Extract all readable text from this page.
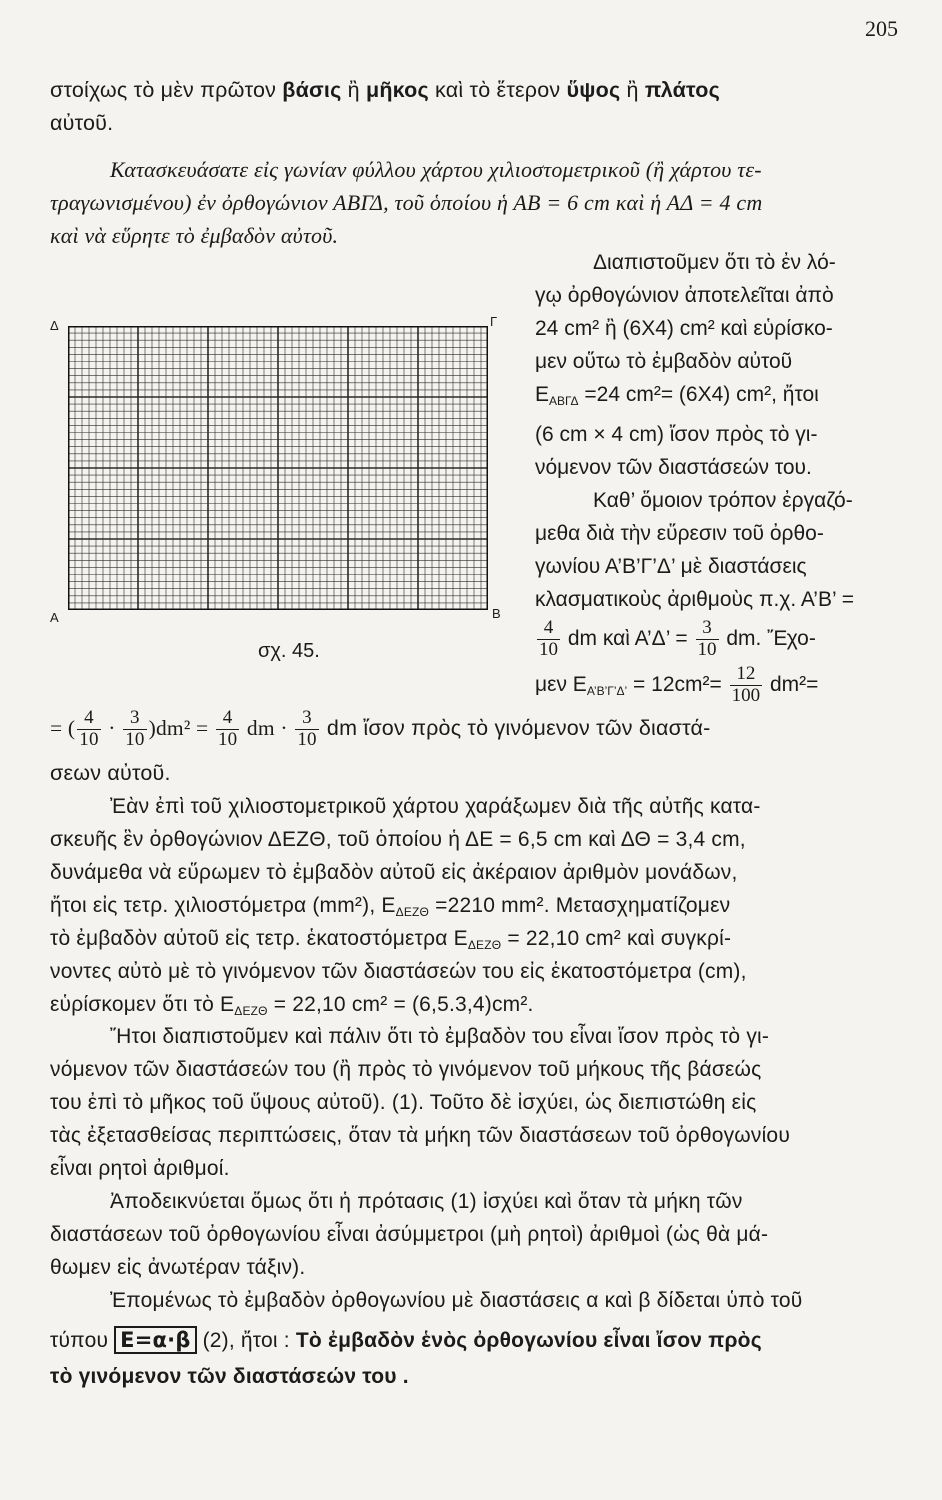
205
στοίχως τὸ μὲν πρῶτον βάσις ἢ μῆκος καὶ τὸ ἕτερον ὕψος ἢ πλάτος
αὐτοῦ.
Κατασκευάσατε εἰς γωνίαν φύλλου χάρτου χιλιοστομετρικοῦ (ἢ χάρτου τε-
τραγωνισμένου) ἐν ὀρθογώνιον ΑΒΓΔ, τοῦ ὁποίου ἡ ΑΒ = 6 cm καὶ ἡ ΑΔ = 4 cm
καὶ νὰ εὕρητε τὸ ἐμβαδὸν αὐτοῦ.
Δ	Γ
Α	Β
σχ. 45.
Διαπιστοῦμεν ὅτι τὸ ἐν λό-
γῳ ὀρθογώνιον ἀποτελεῖται ἀπὸ
24 cm² ἢ (6X4) cm² καὶ εὑρίσκο-
μεν οὕτω τὸ ἐμβαδὸν αὐτοῦ
$E_{AB\Gamma\Delta} =24$ cm²= (6X4) cm², ἤτοι
(6 cm × 4 cm) ἴσον πρὸς τὸ γι-
νόμενον τῶν διαστάσεών του.
Καθ’ ὅμοιον τρόπον ἐργαζό-
μεθα διὰ τὴν εὕρεσιν τοῦ ὀρθο-
γωνίου Α’Β’Γ’Δ’ μὲ διαστάσεις
κλασματικοὺς ἀριθμοὺς π.χ. Α’Β’ =
$\frac{4}{10}$ dm καὶ Α’Δ’ = $\frac{3}{10}$ dm. Ἔχο-
μεν $E_{A’B’\Gamma’\Delta’} = 12cm^2= \frac{12}{100} dm^2=$
= ( $\frac{4}{10} \cdot \frac{3}{10} )dm^2 = \frac{4}{10}$ dm · $\frac{3}{10}$ dm ἴσον πρὸς τὸ γινόμενον τῶν διαστά-
σεων αὐτοῦ.
Ἐὰν ἐπὶ τοῦ χιλιοστομετρικοῦ χάρτου χαράξωμεν διὰ τῆς αὐτῆς κατα-
σκευῆς ἓν ὀρθογώνιον ΔΕΖΘ, τοῦ ὁποίου ἡ ΔΕ = 6,5 cm καὶ ΔΘ = 3,4 cm,
δυνάμεθα νὰ εὕρωμεν τὸ ἐμβαδὸν αὐτοῦ εἰς ἀκέραιον ἀριθμὸν μονάδων,
ἤτοι εἰς τετρ. χιλιοστόμετρα (mm²), $E_{\Delta EZ\Theta} =2210$ mm². Μετασχηματίζομεν
τὸ ἐμβαδὸν αὐτοῦ εἰς τετρ. ἑκατοστόμετρα $E_{\Delta EZ\Theta} = 22,10$ cm² καὶ συγκρί-
νοντες αὐτὸ μὲ τὸ γινόμενον τῶν διαστάσεών του εἰς ἑκατοστόμετρα (cm),
εὑρίσκομεν ὅτι τὸ $E_{\Delta EZ\Theta} = 22,10$ cm² = (6,5.3,4)cm².
Ἤτοι διαπιστοῦμεν καὶ πάλιν ὅτι τὸ ἐμβαδὸν του εἶναι ἴσον πρὸς τὸ γι-
νόμενον τῶν διαστάσεών του (ἢ πρὸς τὸ γινόμενον τοῦ μήκους τῆς βάσεώς
του ἐπὶ τὸ μῆκος τοῦ ὕψους αὐτοῦ). (1). Τοῦτο δὲ ἰσχύει, ὡς διεπιστώθη εἰς
τὰς ἐξετασθείσας περιπτώσεις, ὅταν τὰ μήκη τῶν διαστάσεων τοῦ ὀρθογωνίου
εἶναι ρητοὶ ἀριθμοί.
Ἀποδεικνύεται ὅμως ὅτι ἡ πρότασις (1) ἰσχύει καὶ ὅταν τὰ μήκη τῶν
διαστάσεων τοῦ ὀρθογωνίου εἶναι ἀσύμμετροι (μὴ ρητοὶ) ἀριθμοὶ (ὡς θὰ μά-
θωμεν εἰς ἀνωτέραν τάξιν).
Ἐπομένως τὸ ἐμβαδὸν ὀρθογωνίου μὲ διαστάσεις α καὶ β δίδεται ὑπὸ τοῦ
τύπου Ε=α·β (2), ἤτοι : Τὸ ἐμβαδὸν ἑνὸς ὀρθογωνίου εἶναι ἴσον πρὸς
τὸ γινόμενον τῶν διαστάσεών του .
